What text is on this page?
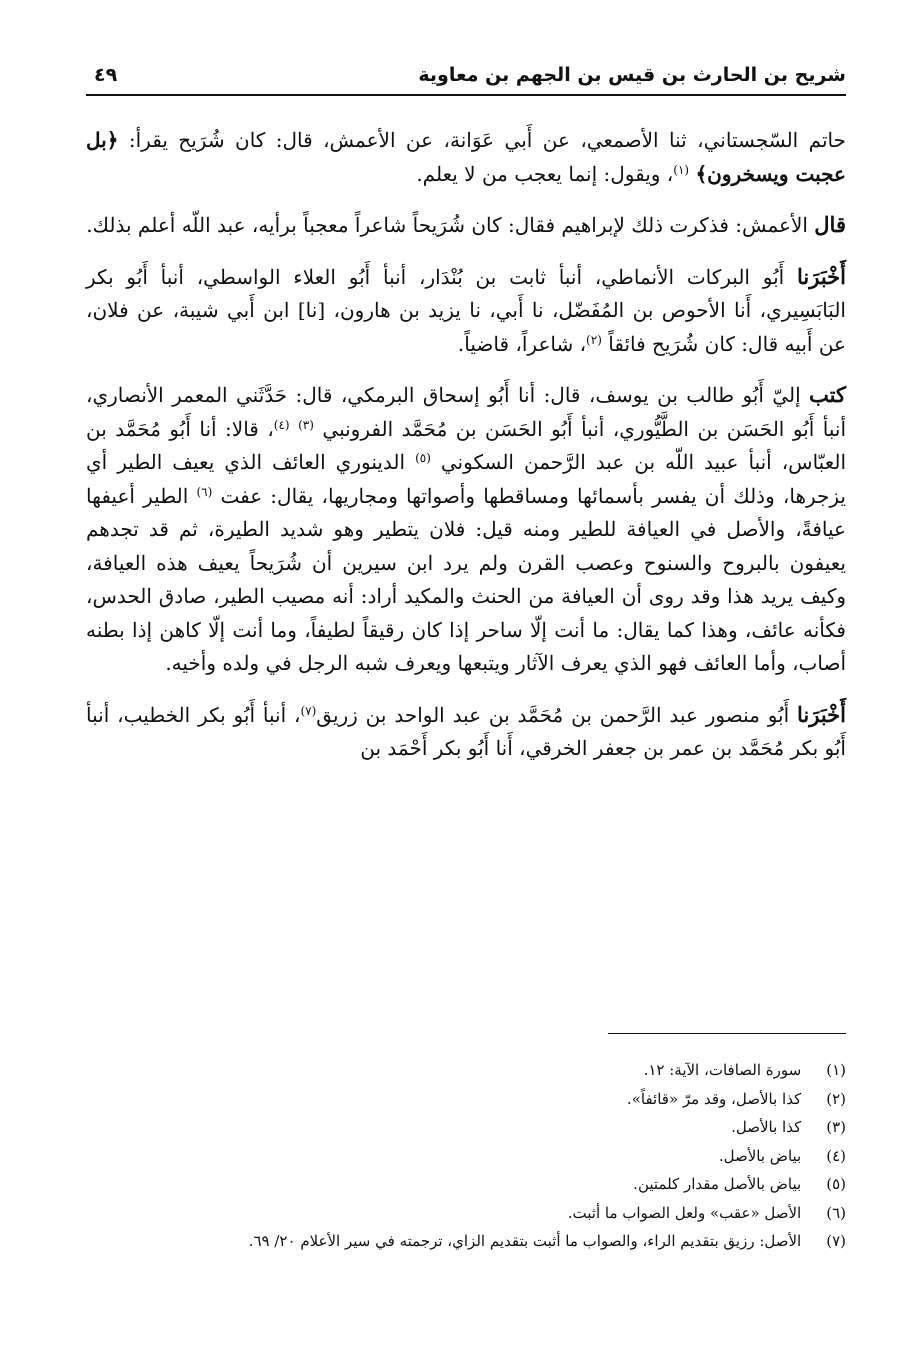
شريح بن الحارث بن قيس بن الجهم بن معاوية
٤٩

حاتم السّجستاني، ثنا الأصمعي، عن أَبي عَوَانة، عن الأعمش، قال: كان شُرَيح يقرأ: ﴿بل عجبت ويسخرون﴾ $^{(١)}$، ويقول: إنما يعجب من لا يعلم.

قال الأعمش: فذكرت ذلك لإبراهيم فقال: كان شُرَيحاً شاعراً معجباً برأيه، عبد اللّه أعلم بذلك.

أَخْبَرَنا أَبُو البركات الأنماطي، أنبأ ثابت بن بُنْدَار، أنبأ أَبُو العلاء الواسطي، أنبأ أَبُو بكر البَابَسِيري، أَنا الأحوص بن المُفَضّل، نا أَبي، نا يزيد بن هارون، [نا] ابن أَبي شيبة، عن فلان، عن أَبيه قال: كان شُرَيح فائقاً $^{(٢)}$، شاعراً، قاضياً.

كتب إليّ أَبُو طالب بن يوسف، قال: أنا أَبُو إسحاق البرمكي، قال: حَدَّثَني المعمر الأنصاري، أنبأ أَبُو الحَسَن بن الطَّيُّوري، أنبأ أَبُو الحَسَن بن مُحَمَّد الفرونبي $^{(٣)}$ $^{(٤)}$، قالا: أنا أَبُو مُحَمَّد بن العبّاس، أنبأ عبيد اللّه بن عبد الرَّحمن السكوني $^{(٥)}$ الدينوري العائف الذي يعيف الطير أي يزجرها، وذلك أن يفسر بأسمائها ومساقطها وأصواتها ومجاريها، يقال: عفت $^{(٦)}$ الطير أعيفها عيافةً، والأصل في العيافة للطير ومنه قيل: فلان يتطير وهو شديد الطيرة، ثم قد تجدهم يعيفون بالبروح والسنوح وعصب القرن ولم يرد ابن سيرين أن شُرَيحاً يعيف هذه العيافة، وكيف يريد هذا وقد روى أن العيافة من الحنث والمكيد أراد: أنه مصيب الطير، صادق الحدس، فكأنه عائف، وهذا كما يقال: ما أنت إلّا ساحر إذا كان رقيقاً لطيفاً، وما أنت إلّا كاهن إذا بطنه أصاب، وأما العائف فهو الذي يعرف الآثار ويتبعها ويعرف شبه الرجل في ولده وأخيه.

أَخْبَرَنا أَبُو منصور عبد الرَّحمن بن مُحَمَّد بن عبد الواحد بن زريق$^{(٧)}$، أنبأ أَبُو بكر الخطيب، أنبأ أَبُو بكر مُحَمَّد بن عمر بن جعفر الخرقي، أَنا أَبُو بكر أَحْمَد بن

(١) سورة الصافات، الآية: ١٢.
(٢) كذا بالأصل، وقد مرّ «قائفاً».
(٣) كذا بالأصل.
(٤) بياض بالأصل.
(٥) بياض بالأصل مقدار كلمتين.
(٦) الأصل «عقب» ولعل الصواب ما أثبت.
(٧) الأصل: رزيق بتقديم الراء، والصواب ما أثبت بتقديم الزاي، ترجمته في سير الأعلام ٢٠/ ٦٩.
